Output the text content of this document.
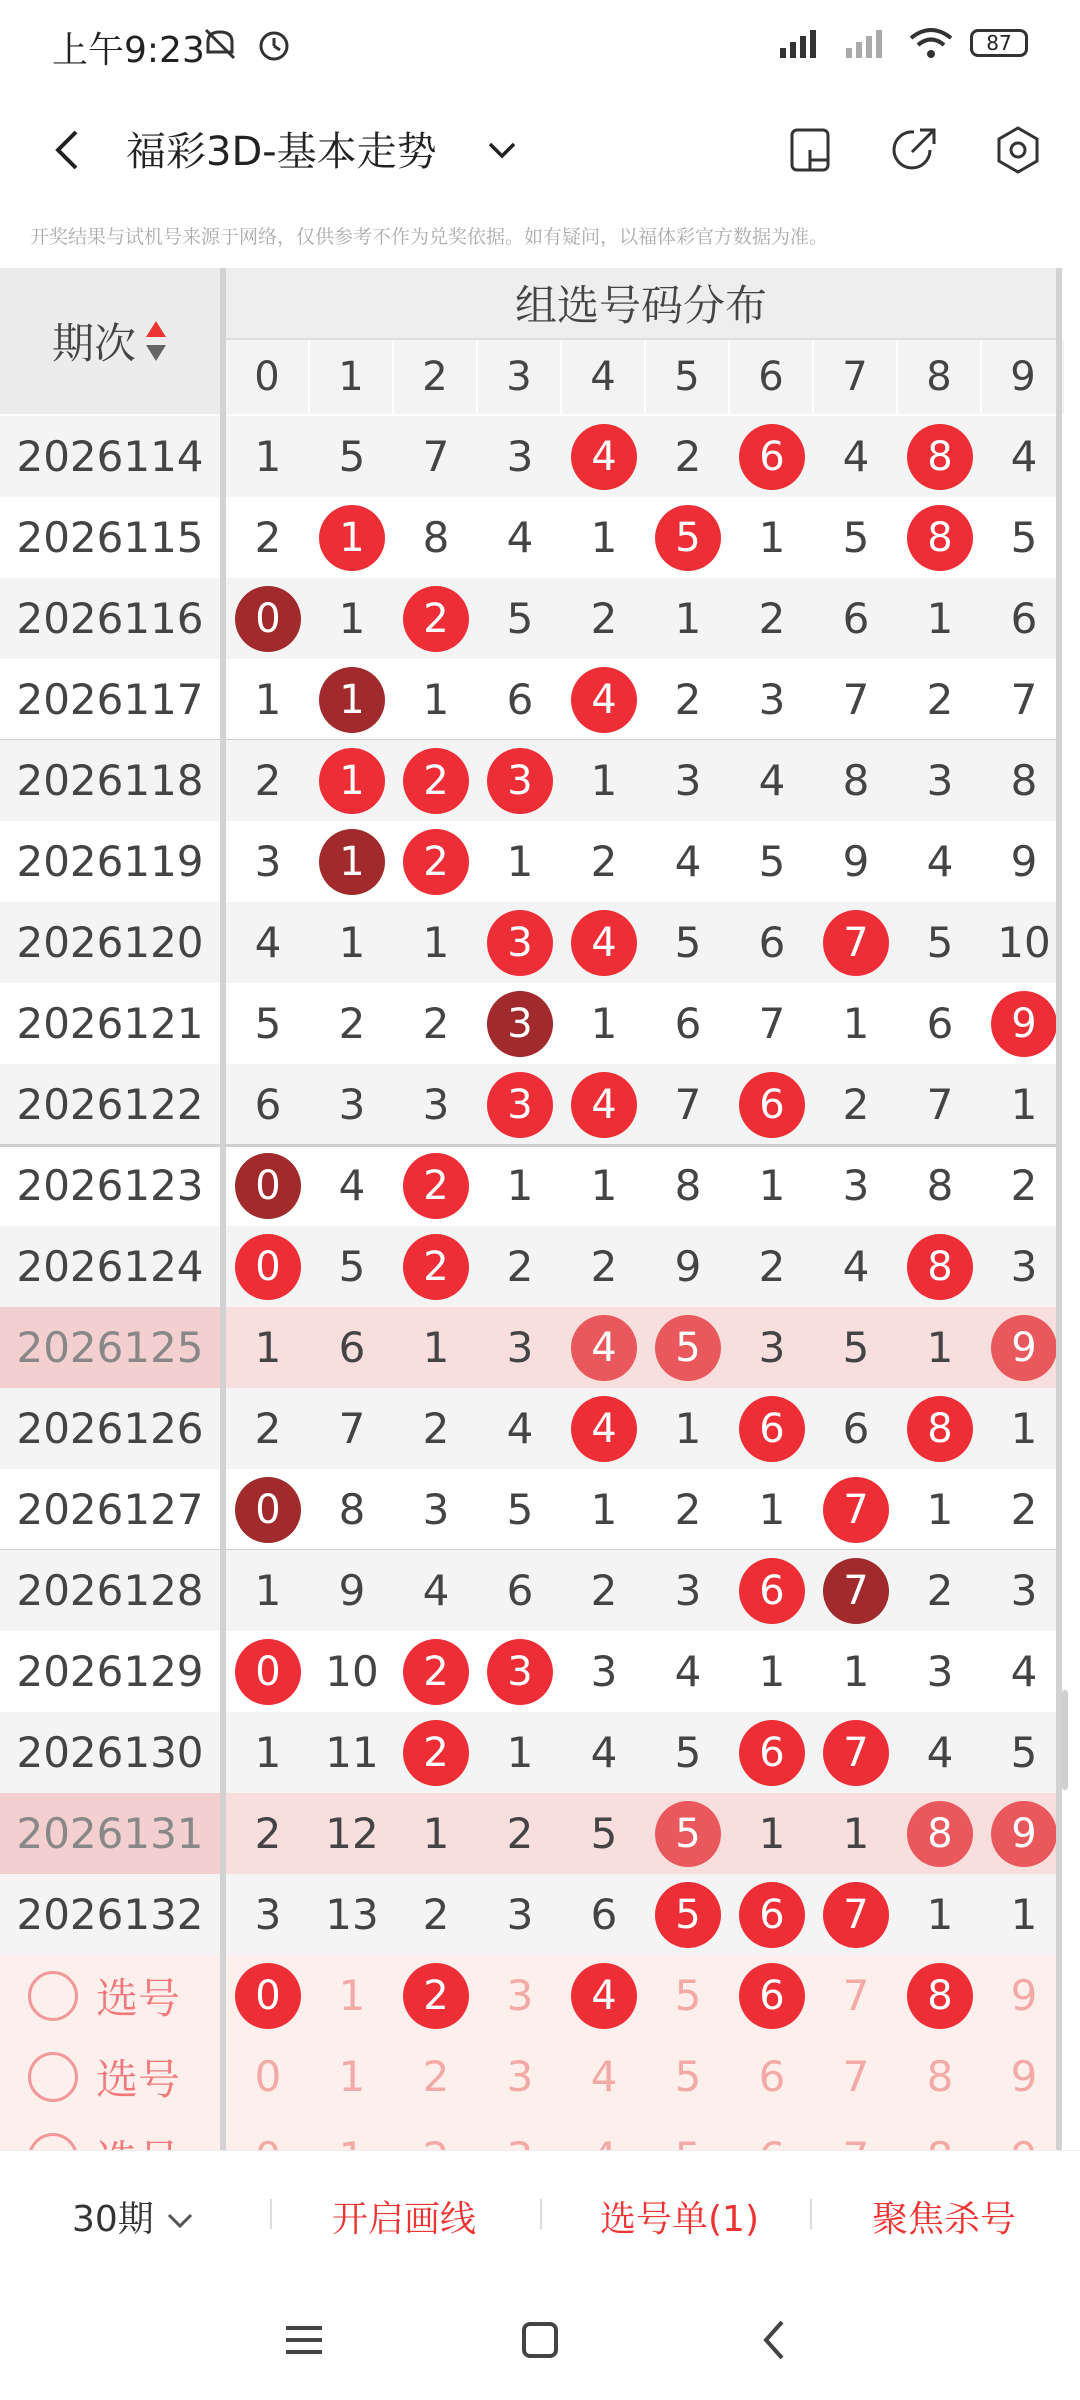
上午9:23	87
福彩3D-基本走势
开奖结果与试机号来源于网络，仅供参考不作为兑奖依据。如有疑问，以福体彩官方数据为准。
期次
组选号码分布
0	1	2	3	4	5	6	7	8	9
2026114	1	5	7	3	4	2	6	4	8	4
2026115	2	1	8	4	1	5	1	5	8	5
2026116	0	1	2	5	2	1	2	6	1	6
2026117	1	1	1	6	4	2	3	7	2	7
2026118	2	1	2	3	1	3	4	8	3	8
2026119	3	1	2	1	2	4	5	9	4	9
2026120	4	1	1	3	4	5	6	7	5	10
2026121	5	2	2	3	1	6	7	1	6	9
2026122	6	3	3	3	4	7	6	2	7	1
2026123	0	4	2	1	1	8	1	3	8	2
2026124	0	5	2	2	2	9	2	4	8	3
2026125	1	6	1	3	4	5	3	5	1	9
2026126	2	7	2	4	4	1	6	6	8	1
2026127	0	8	3	5	1	2	1	7	1	2
2026128	1	9	4	6	2	3	6	7	2	3
2026129	0	10	2	3	3	4	1	1	3	4
2026130	1	11	2	1	4	5	6	7	4	5
2026131	2	12	1	2	5	5	1	1	8	9
2026132	3	13	2	3	6	5	6	7	1	1
选号	0	1	2	3	4	5	6	7	8	9
选号	0	1	2	3	4	5	6	7	8	9
30期	开启画线	选号单(1)	聚焦杀号
